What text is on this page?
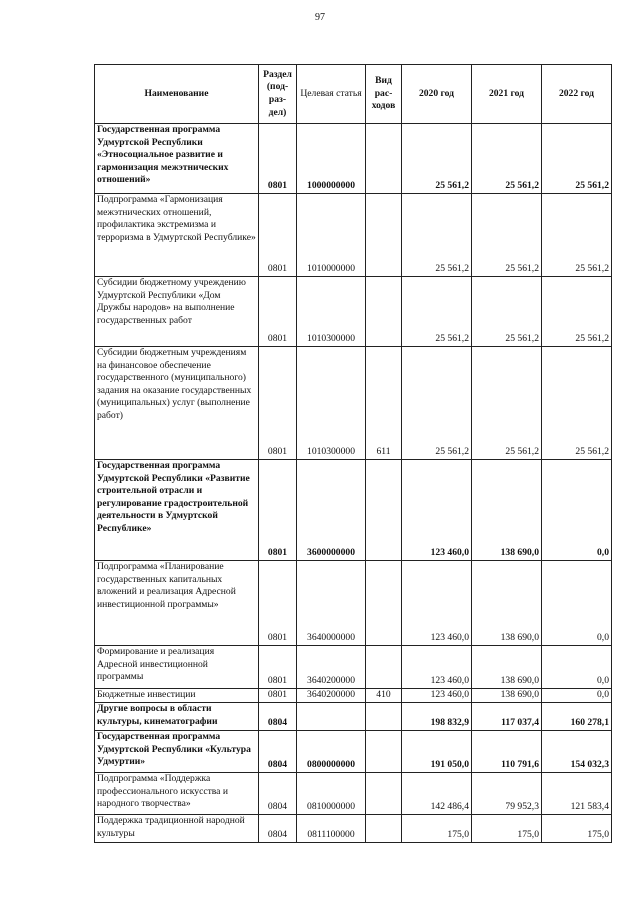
97
Наименование	Раздел (под-раз-дел)	Целевая статья	Вид рас-ходов	2020 год	2021 год	2022 год
Государственная программа Удмуртской Республики «Этносоциальное развитие и гармонизация межэтнических отношений»	0801	1000000000		25 561,2	25 561,2	25 561,2
Подпрограмма «Гармонизация межэтнических отношений, профилактика экстремизма и терроризма в Удмуртской Республике»	0801	1010000000		25 561,2	25 561,2	25 561,2
Субсидии бюджетному учреждению Удмуртской Республики «Дом Дружбы народов» на выполнение государственных работ	0801	1010300000		25 561,2	25 561,2	25 561,2
Субсидии бюджетным учреждениям на финансовое обеспечение государственного (муниципального) задания на оказание государственных (муниципальных) услуг (выполнение работ)	0801	1010300000	611	25 561,2	25 561,2	25 561,2
Государственная программа Удмуртской Республики «Развитие строительной отрасли и регулирование градостроительной деятельности в Удмуртской Республике»	0801	3600000000		123 460,0	138 690,0	0,0
Подпрограмма «Планирование государственных капитальных вложений и реализация Адресной инвестиционной программы»	0801	3640000000		123 460,0	138 690,0	0,0
Формирование и реализация Адресной инвестиционной программы	0801	3640200000		123 460,0	138 690,0	0,0
Бюджетные инвестиции	0801	3640200000	410	123 460,0	138 690,0	0,0
Другие вопросы в области культуры, кинематографии	0804			198 832,9	117 037,4	160 278,1
Государственная программа Удмуртской Республики «Культура Удмуртии»	0804	0800000000		191 050,0	110 791,6	154 032,3
Подпрограмма «Поддержка профессионального искусства и народного творчества»	0804	0810000000		142 486,4	79 952,3	121 583,4
Поддержка традиционной народной культуры	0804	0811100000		175,0	175,0	175,0
